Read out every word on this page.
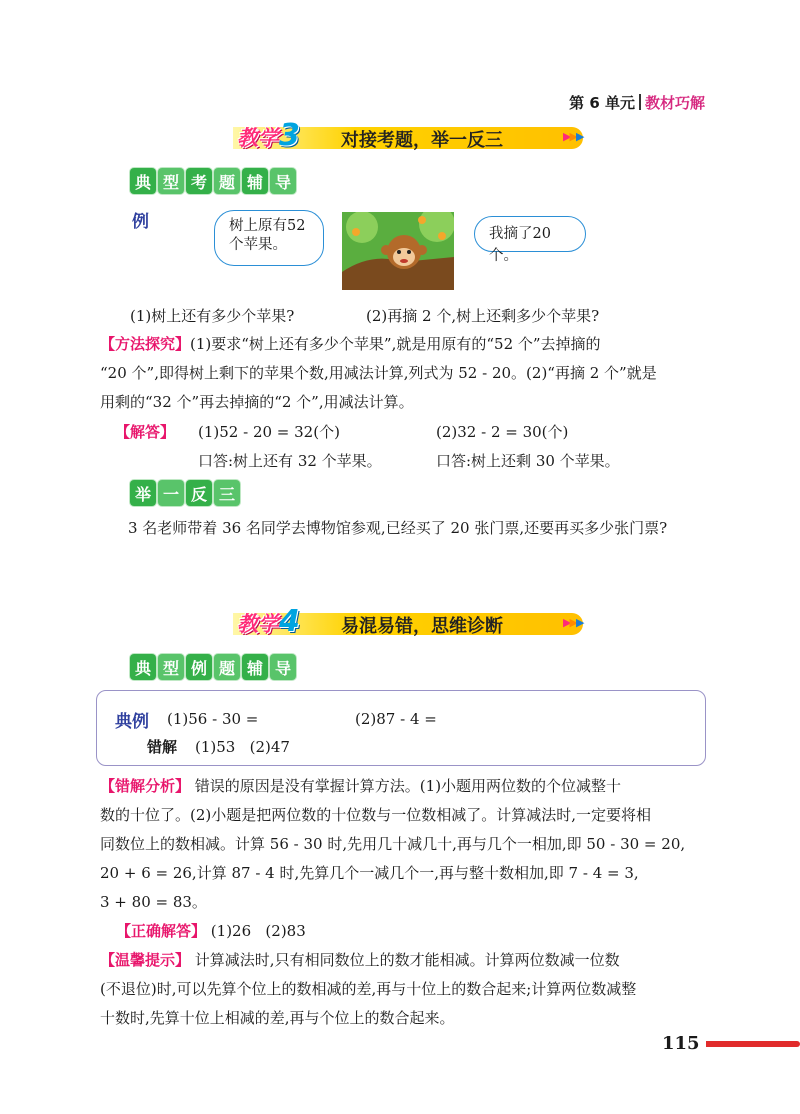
第 6 单元 教材巧解
教学3	对接考题，举一反三	▶▶▶
典 型 考 题 辅 导
例	树上原有52个苹果。
我摘了20个。
(1)树上还有多少个苹果?	(2)再摘 2 个,树上还剩多少个苹果?
【方法探究】(1)要求“树上还有多少个苹果”,就是用原有的“52 个”去掉摘的
“20 个”,即得树上剩下的苹果个数,用减法计算,列式为 52 - 20。(2)“再摘 2 个”就是
用剩的“32 个”再去掉摘的“2 个”,用减法计算。
【解答】 (1)52 - 20 = 32(个)	(2)32 - 2 = 30(个)
口答:树上还有 32 个苹果。	口答:树上还剩 30 个苹果。
举 一 反 三
3 名老师带着 36 名同学去博物馆参观,已经买了 20 张门票,还要再买多少张门票?
教学4	易混易错，思维诊断	▶▶▶
典 型 例 题 辅 导
典例 (1)56 - 30 =	(2)87 - 4 =
错解 (1)53   (2)47
【错解分析】 错误的原因是没有掌握计算方法。(1)小题用两位数的个位减整十
数的十位了。(2)小题是把两位数的十位数与一位数相减了。计算减法时,一定要将相
同数位上的数相减。计算 56 - 30 时,先用几十减几十,再与几个一相加,即 50 - 30 = 20,
20 + 6 = 26,计算 87 - 4 时,先算几个一减几个一,再与整十数相加,即 7 - 4 = 3,
3 + 80 = 83。
【正确解答】 (1)26   (2)83
【温馨提示】 计算减法时,只有相同数位上的数才能相减。计算两位数减一位数
(不退位)时,可以先算个位上的数相减的差,再与十位上的数合起来;计算两位数减整
十数时,先算十位上相减的差,再与个位上的数合起来。
115
